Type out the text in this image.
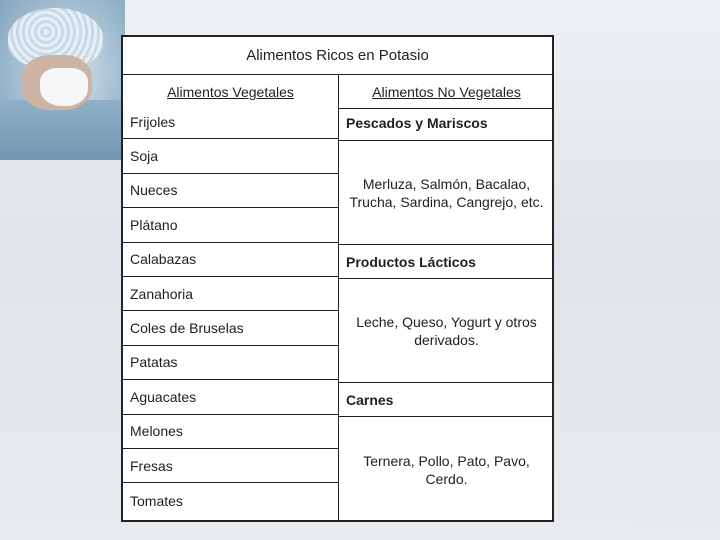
Alimentos Ricos en Potasio
Alimentos Vegetales	Alimentos No Vegetales
Frijoles
Soja
Nueces
Plátano
Calabazas
Zanahoria
Coles de Bruselas
Patatas
Aguacates
Melones
Fresas
Tomates
Pescados y Mariscos
Merluza, Salmón, Bacalao, Trucha, Sardina, Cangrejo, etc.
Productos Lácticos
Leche, Queso, Yogurt y otros derivados.
Carnes
Ternera, Pollo, Pato, Pavo, Cerdo.
